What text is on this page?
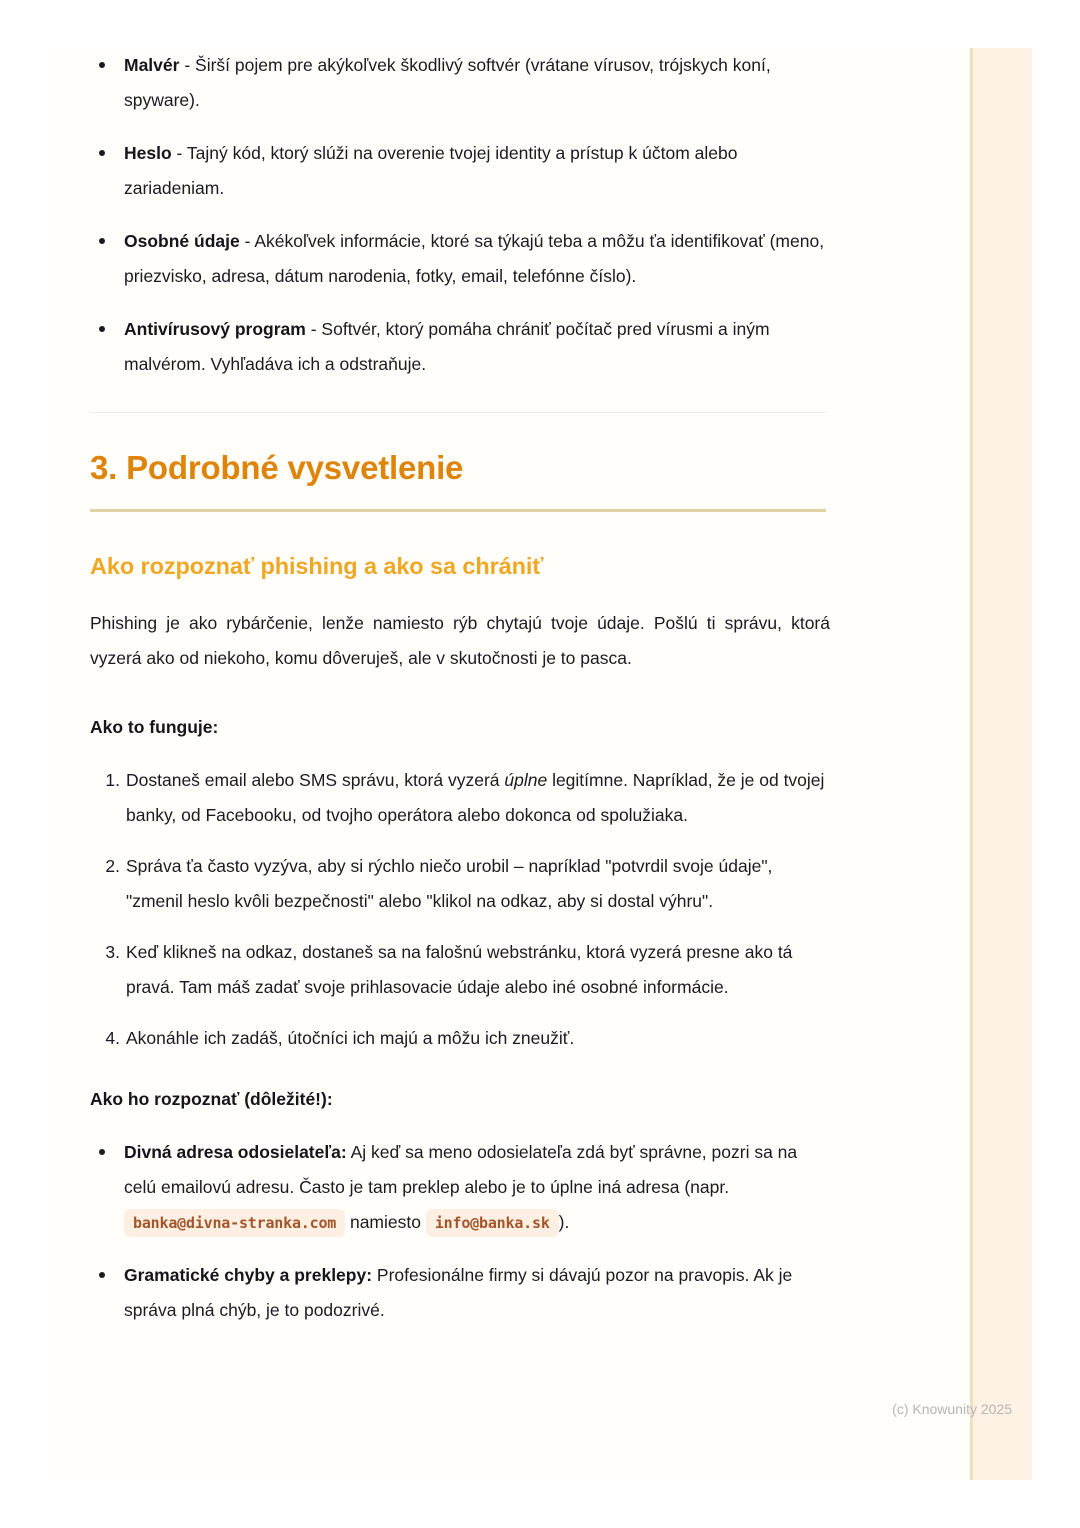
Malvér - Širší pojem pre akýkoľvek škodlivý softvér (vrátane vírusov, trójskych koní, spyware).
Heslo - Tajný kód, ktorý slúži na overenie tvojej identity a prístup k účtom alebo zariadeniam.
Osobné údaje - Akékoľvek informácie, ktoré sa týkajú teba a môžu ťa identifikovať (meno, priezvisko, adresa, dátum narodenia, fotky, email, telefónne číslo).
Antivírusový program - Softvér, ktorý pomáha chrániť počítač pred vírusmi a iným malvérom. Vyhľadáva ich a odstraňuje.
3. Podrobné vysvetlenie
Ako rozpoznať phishing a ako sa chrániť

Phishing je ako rybárčenie, lenže namiesto rýb chytajú tvoje údaje. Pošlú ti správu, ktorá vyzerá ako od niekoho, komu dôveruješ, ale v skutočnosti je to pasca.

Ako to funguje:

1. Dostaneš email alebo SMS správu, ktorá vyzerá úplne legitímne. Napríklad, že je od tvojej banky, od Facebooku, od tvojho operátora alebo dokonca od spolužiaka.
2. Správa ťa často vyzýva, aby si rýchlo niečo urobil – napríklad "potvrdil svoje údaje", "zmenil heslo kvôli bezpečnosti" alebo "klikol na odkaz, aby si dostal výhru".
3. Keď klikneš na odkaz, dostaneš sa na falošnú webstránku, ktorá vyzerá presne ako tá pravá. Tam máš zadať svoje prihlasovacie údaje alebo iné osobné informácie.
4. Akonáhle ich zadáš, útočníci ich majú a môžu ich zneužiť.

Ako ho rozpoznať (dôležité!):

Divná adresa odosielateľa: Aj keď sa meno odosielateľa zdá byť správne, pozri sa na celú emailovú adresu. Často je tam preklep alebo je to úplne iná adresa (napr. banka@divna-stranka.com namiesto info@banka.sk ).
Gramatické chyby a preklepy: Profesionálne firmy si dávajú pozor na pravopis. Ak je správa plná chýb, je to podozrivé.
(c) Knowunity 2025
